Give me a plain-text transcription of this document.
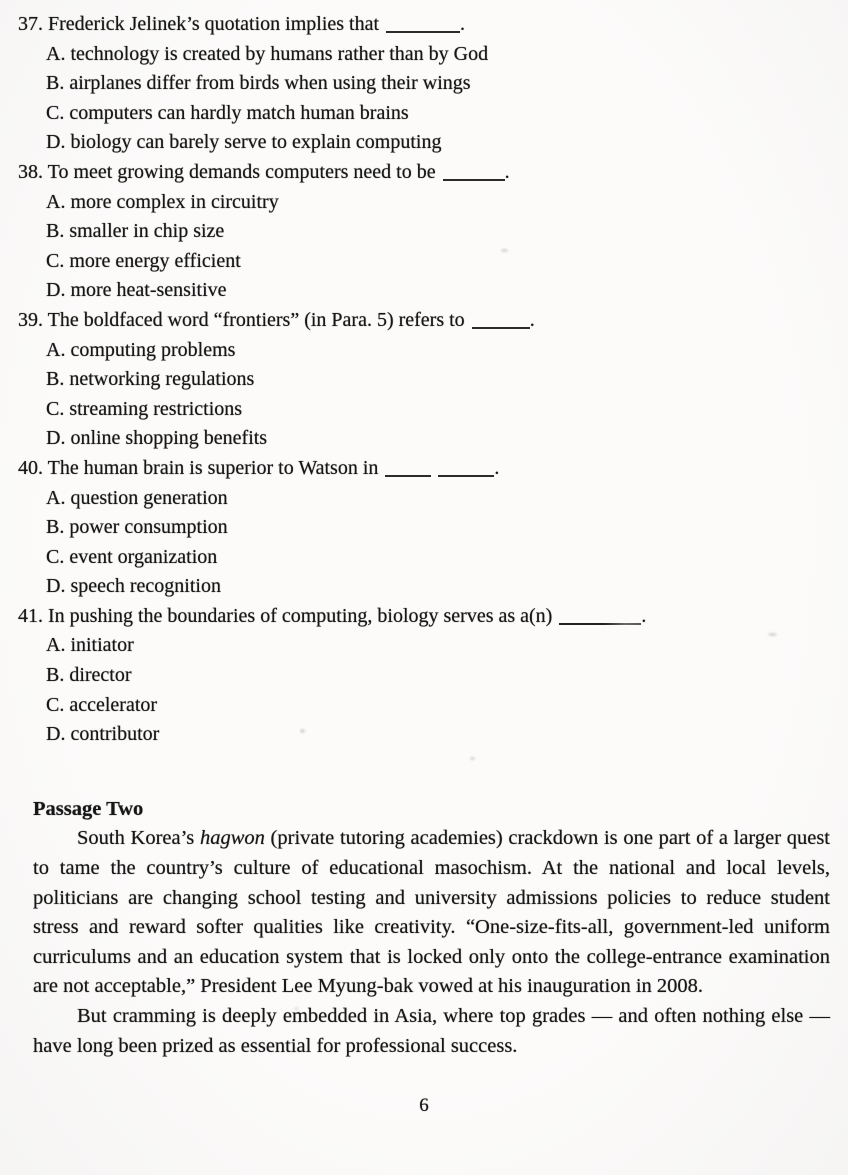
37. Frederick Jelinek’s quotation implies that	.
A. technology is created by humans rather than by God
B. airplanes differ from birds when using their wings
C. computers can hardly match human brains
D. biology can barely serve to explain computing
38. To meet growing demands computers need to be	.
A. more complex in circuitry
B. smaller in chip size
C. more energy efficient
D. more heat-sensitive
39. The boldfaced word “frontiers” (in Para. 5) refers to	.
A. computing problems
B. networking regulations
C. streaming restrictions
D. online shopping benefits
40. The human brain is superior to Watson in	.
A. question generation
B. power consumption
C. event organization
D. speech recognition
41. In pushing the boundaries of computing, biology serves as a(n)	.
A. initiator
B. director
C. accelerator
D. contributor
Passage Two

South Korea’s hagwon (private tutoring academies) crackdown is one part of a larger quest to tame the country’s culture of educational masochism. At the national and local levels, politicians are changing school testing and university admissions policies to reduce student stress and reward softer qualities like creativity. “One-size-fits-all, government-led uniform curriculums and an education system that is locked only onto the college-entrance examination are not acceptable,” President Lee Myung-bak vowed at his inauguration in 2008.

But cramming is deeply embedded in Asia, where top grades — and often nothing else — have long been prized as essential for professional success.

6
